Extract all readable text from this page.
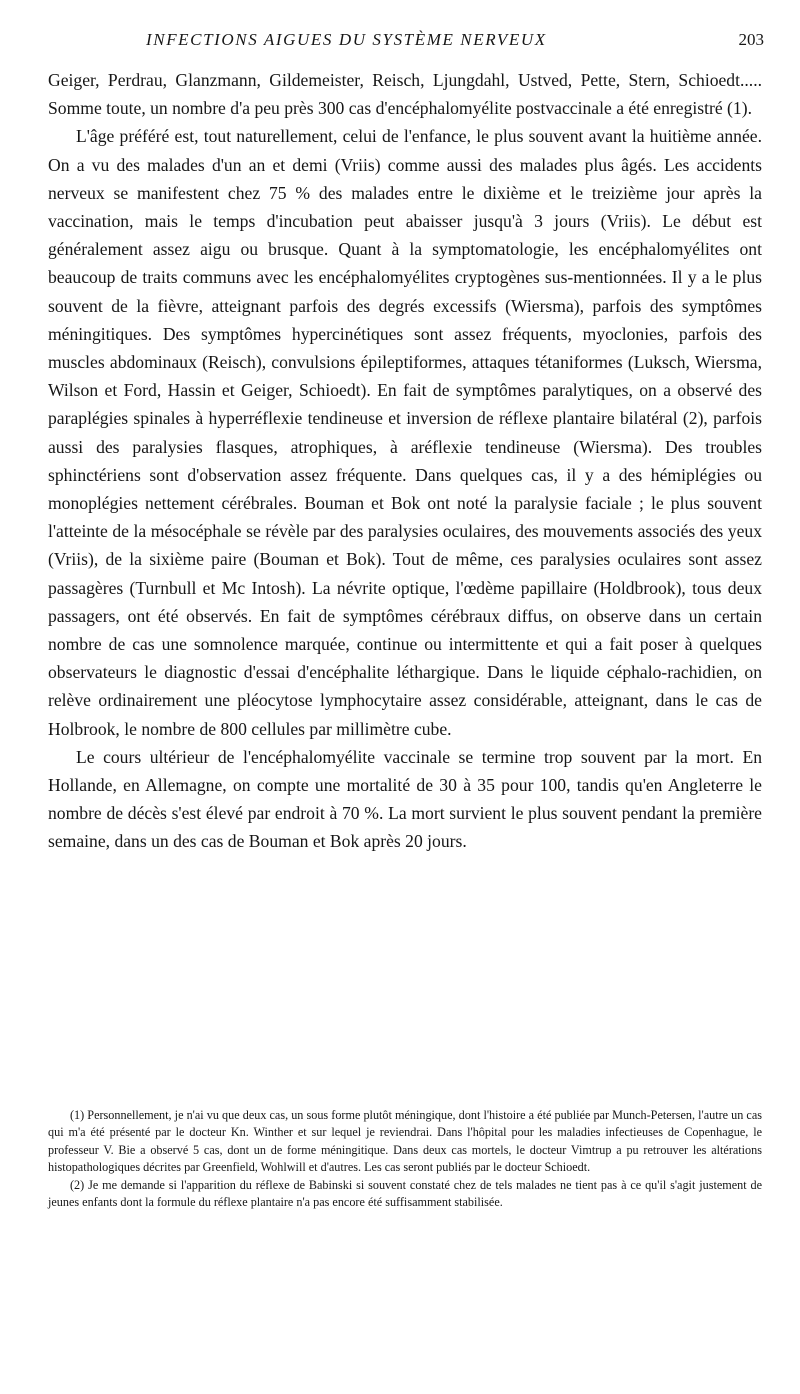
INFECTIONS AIGUES DU SYSTÈME NERVEUX	203

Geiger, Perdrau, Glanzmann, Gildemeister, Reisch, Ljungdahl, Ustved, Pette, Stern, Schioedt..... Somme toute, un nombre d'a peu près 300 cas d'encéphalomyélite postvaccinale a été enregistré (1).

L'âge préféré est, tout naturellement, celui de l'enfance, le plus souvent avant la huitième année. On a vu des malades d'un an et demi (Vriis) comme aussi des malades plus âgés. Les accidents nerveux se manifestent chez 75 % des malades entre le dixième et le treizième jour après la vaccination, mais le temps d'incubation peut abaisser jusqu'à 3 jours (Vriis). Le début est généralement assez aigu ou brusque. Quant à la symptomatologie, les encéphalomyélites ont beaucoup de traits communs avec les encéphalomyélites cryptogènes sus-mentionnées. Il y a le plus souvent de la fièvre, atteignant parfois des degrés excessifs (Wiersma), parfois des symptômes méningitiques. Des symptômes hypercinétiques sont assez fréquents, myoclonies, parfois des muscles abdominaux (Reisch), convulsions épileptiformes, attaques tétaniformes (Luksch, Wiersma, Wilson et Ford, Hassin et Geiger, Schioedt). En fait de symptômes paralytiques, on a observé des paraplégies spinales à hyperréflexie tendineuse et inversion de réflexe plantaire bilatéral (2), parfois aussi des paralysies flasques, atrophiques, à aréflexie tendineuse (Wiersma). Des troubles sphinctériens sont d'observation assez fréquente. Dans quelques cas, il y a des hémiplégies ou monoplégies nettement cérébrales. Bouman et Bok ont noté la paralysie faciale ; le plus souvent l'atteinte de la mésocéphale se révèle par des paralysies oculaires, des mouvements associés des yeux (Vriis), de la sixième paire (Bouman et Bok). Tout de même, ces paralysies oculaires sont assez passagères (Turnbull et Mc Intosh). La névrite optique, l'œdème papillaire (Holdbrook), tous deux passagers, ont été observés. En fait de symptômes cérébraux diffus, on observe dans un certain nombre de cas une somnolence marquée, continue ou intermittente et qui a fait poser à quelques observateurs le diagnostic d'essai d'encéphalite léthargique. Dans le liquide céphalo-rachidien, on relève ordinairement une pléocytose lymphocytaire assez considérable, atteignant, dans le cas de Holbrook, le nombre de 800 cellules par millimètre cube.

Le cours ultérieur de l'encéphalomyélite vaccinale se termine trop souvent par la mort. En Hollande, en Allemagne, on compte une mortalité de 30 à 35 pour 100, tandis qu'en Angleterre le nombre de décès s'est élevé par endroit à 70 %. La mort survient le plus souvent pendant la première semaine, dans un des cas de Bouman et Bok après 20 jours.

(1) Personnellement, je n'ai vu que deux cas, un sous forme plutôt méningique, dont l'histoire a été publiée par Munch-Petersen, l'autre un cas qui m'a été présenté par le docteur Kn. Winther et sur lequel je reviendrai. Dans l'hôpital pour les maladies infectieuses de Copenhague, le professeur V. Bie a observé 5 cas, dont un de forme méningitique. Dans deux cas mortels, le docteur Vimtrup a pu retrouver les altérations histopathologiques décrites par Greenfield, Wohlwill et d'autres. Les cas seront publiés par le docteur Schioedt.

(2) Je me demande si l'apparition du réflexe de Babinski si souvent constaté chez de tels malades ne tient pas à ce qu'il s'agit justement de jeunes enfants dont la formule du réflexe plantaire n'a pas encore été suffisamment stabilisée.
